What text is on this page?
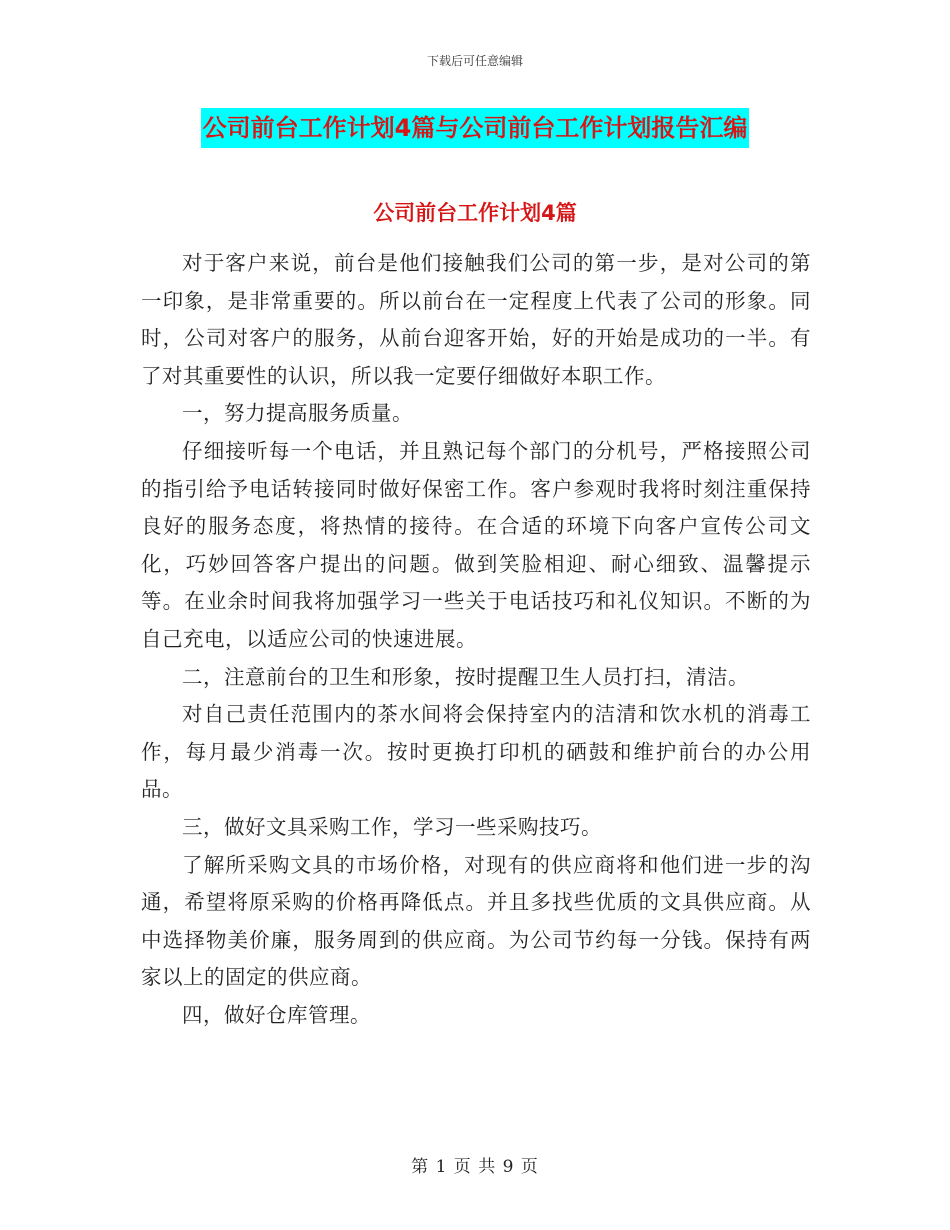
下载后可任意编辑
公司前台工作计划4篇与公司前台工作计划报告汇编
公司前台工作计划4篇

对于客户来说，前台是他们接触我们公司的第一步，是对公司的第一印象，是非常重要的。所以前台在一定程度上代表了公司的形象。同时，公司对客户的服务，从前台迎客开始，好的开始是成功的一半。有了对其重要性的认识，所以我一定要仔细做好本职工作。

一，努力提高服务质量。

仔细接听每一个电话，并且熟记每个部门的分机号，严格接照公司的指引给予电话转接同时做好保密工作。客户参观时我将时刻注重保持良好的服务态度，将热情的接待。在合适的环境下向客户宣传公司文化，巧妙回答客户提出的问题。做到笑脸相迎、耐心细致、温馨提示等。在业余时间我将加强学习一些关于电话技巧和礼仪知识。不断的为自己充电，以适应公司的快速进展。

二，注意前台的卫生和形象，按时提醒卫生人员打扫，清洁。

对自己责任范围内的茶水间将会保持室内的洁清和饮水机的消毒工作，每月最少消毒一次。按时更换打印机的硒鼓和维护前台的办公用品。

三，做好文具采购工作，学习一些采购技巧。

了解所采购文具的市场价格，对现有的供应商将和他们进一步的沟通，希望将原采购的价格再降低点。并且多找些优质的文具供应商。从中选择物美价廉，服务周到的供应商。为公司节约每一分钱。保持有两家以上的固定的供应商。

四，做好仓库管理。

第 1 页 共 9 页
